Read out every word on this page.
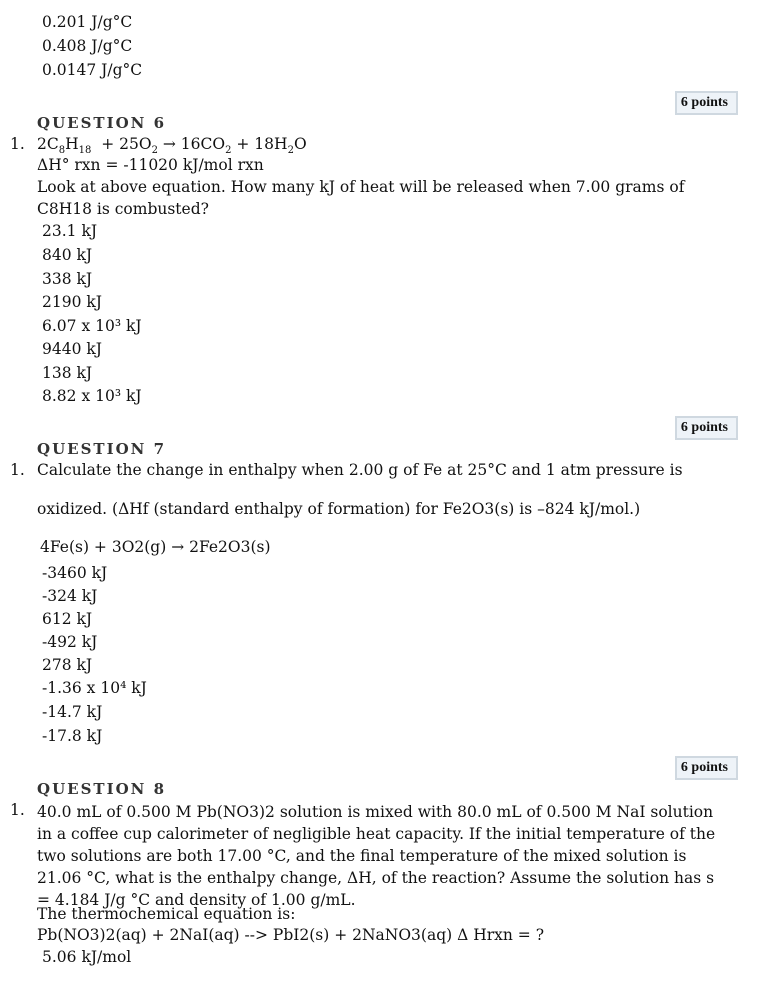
0.201 J/g°C
0.408 J/g°C
0.0147 J/g°C
6 points
QUESTION 6
1. $2C_8H_{18} + 25O_2 \to 16CO_2 + 18H_2O$
ΔH° rxn = -11020 kJ/mol rxn
Look at above equation. How many kJ of heat will be released when 7.00 grams of C8H18 is combusted?
23.1 kJ
840 kJ
338 kJ
2190 kJ
6.07 x 10³ kJ
9440 kJ
138 kJ
8.82 x 10³ kJ
6 points
QUESTION 7
1. Calculate the change in enthalpy when 2.00 g of Fe at 25°C and 1 atm pressure is
oxidized. (ΔHf (standard enthalpy of formation) for Fe2O3(s) is –824 kJ/mol.)
4Fe(s) + 3O2(g) → 2Fe2O3(s)
-3460 kJ
-324 kJ
612 kJ
-492 kJ
278 kJ
-1.36 x 10⁴ kJ
-14.7 kJ
-17.8 kJ
6 points
QUESTION 8
1. 40.0 mL of 0.500 M Pb(NO3)2 solution is mixed with 80.0 mL of 0.500 M NaI solution in a coffee cup calorimeter of negligible heat capacity. If the initial temperature of the two solutions are both 17.00 °C, and the final temperature of the mixed solution is 21.06 °C, what is the enthalpy change, ΔH, of the reaction? Assume the solution has s = 4.184 J/g °C and density of 1.00 g/mL.
The thermochemical equation is:
Pb(NO3)2(aq) + 2NaI(aq) --> PbI2(s) + 2NaNO3(aq) Δ Hrxn = ?
5.06 kJ/mol
